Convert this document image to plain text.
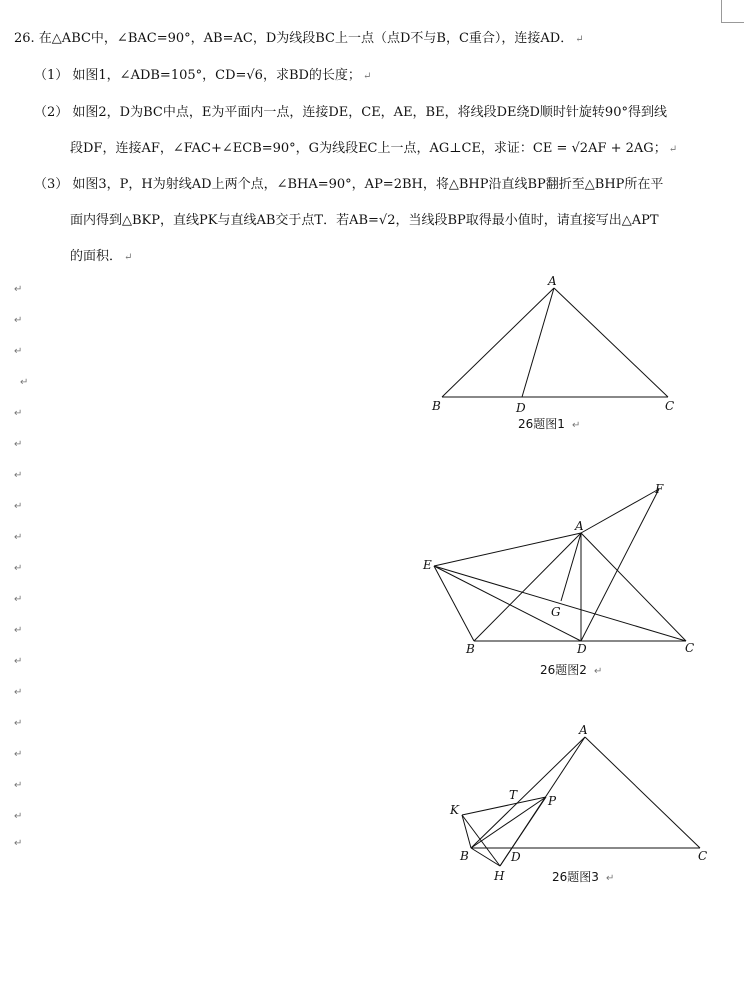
26. 在△ABC中，∠BAC=90°，AB=AC，D为线段BC上一点（点D不与B，C重合），连接AD． ↵
（1） 如图1，∠ADB=105°，CD=√6，求BD的长度； ↵
（2） 如图2，D为BC中点，E为平面内一点，连接DE，CE，AE，BE，将线段DE绕D顺时针旋转90°得到线
段DF，连接AF，∠FAC+∠ECB=90°，G为线段EC上一点，AG⊥CE，求证：CE = √2AF + 2AG； ↵
（3） 如图3，P，H为射线AD上两个点，∠BHA=90°，AP=2BH，将△BHP沿直线BP翻折至△BHP所在平
面内得到△BKP，直线PK与直线AB交于点T．若AB=√2，当线段BP取得最小值时，请直接写出△APT
的面积． ↵
↵
↵
↵
↵
↵
↵
↵
↵
↵
↵
↵
↵
↵
↵
↵
↵
↵
↵
↵
A
B	C
D
26题图1 ↵
F
A
E
G
B	D	C
26题图2 ↵
A
T	P
K
B	D	C
H	26题图3 ↵
